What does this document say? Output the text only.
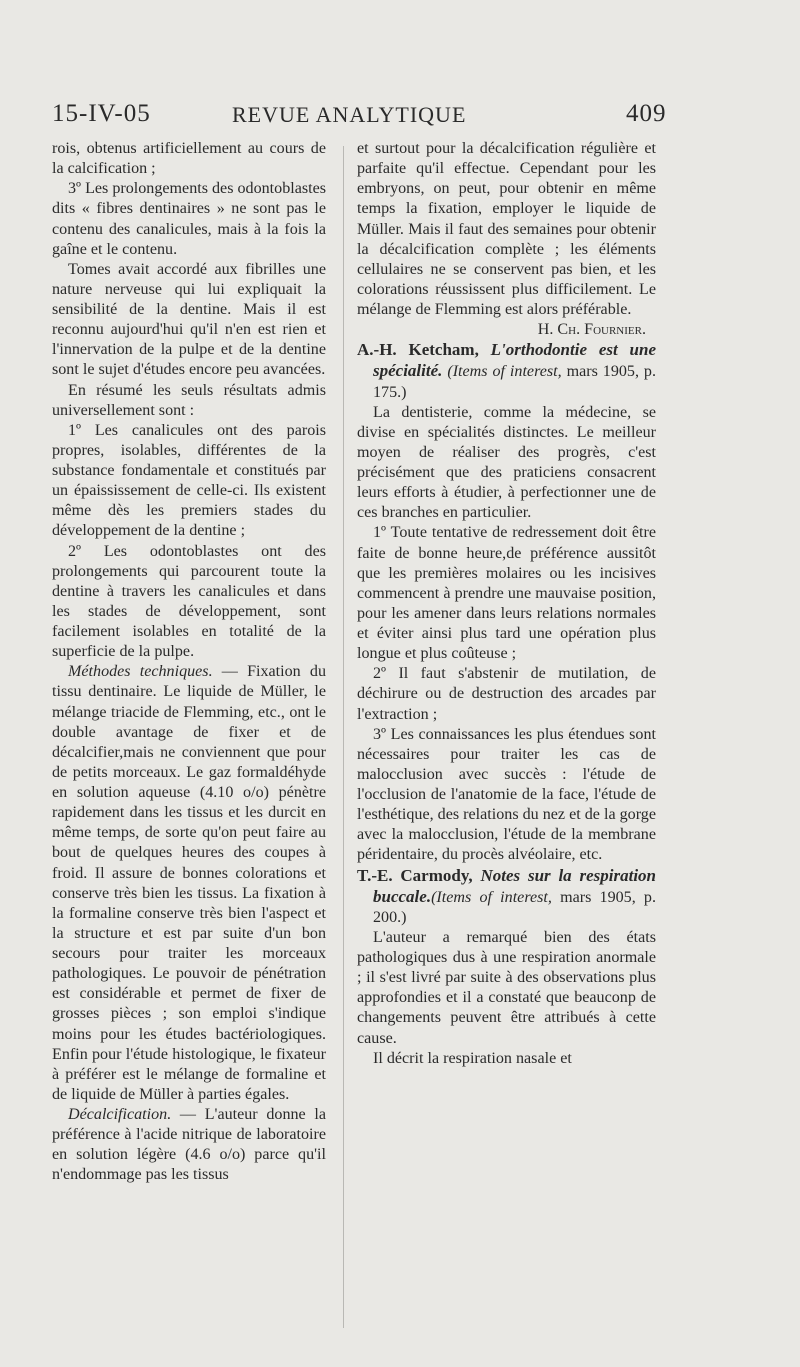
15-IV-05	REVUE ANALYTIQUE	409

rois, obtenus artificiellement au cours de la calcification ;

3º Les prolongements des odontoblastes dits « fibres dentinaires » ne sont pas le contenu des canalicules, mais à la fois la gaîne et le contenu.

Tomes avait accordé aux fibrilles une nature nerveuse qui lui expliquait la sensibilité de la dentine. Mais il est reconnu aujourd'hui qu'il n'en est rien et l'innervation de la pulpe et de la dentine sont le sujet d'études encore peu avancées.

En résumé les seuls résultats admis universellement sont :

1º Les canalicules ont des parois propres, isolables, différentes de la substance fondamentale et constitués par un épaississement de celle-ci. Ils existent même dès les premiers stades du développement de la dentine ;

2º Les odontoblastes ont des prolongements qui parcourent toute la dentine à travers les canalicules et dans les stades de développement, sont facilement isolables en totalité de la superficie de la pulpe.

Méthodes techniques. — Fixation du tissu dentinaire. Le liquide de Müller, le mélange triacide de Flemming, etc., ont le double avantage de fixer et de décalcifier,mais ne conviennent que pour de petits morceaux. Le gaz formaldéhyde en solution aqueuse (4.10 o/o) pénètre rapidement dans les tissus et les durcit en même temps, de sorte qu'on peut faire au bout de quelques heures des coupes à froid. Il assure de bonnes colorations et conserve très bien les tissus. La fixation à la formaline conserve très bien l'aspect et la structure et est par suite d'un bon secours pour traiter les morceaux pathologiques. Le pouvoir de pénétration est considérable et permet de fixer de grosses pièces ; son emploi s'indique moins pour les études bactériologiques. Enfin pour l'étude histologique, le fixateur à préférer est le mélange de formaline et de liquide de Müller à parties égales.

Décalcification. — L'auteur donne la préférence à l'acide nitrique de laboratoire en solution légère (4.6 o/o) parce qu'il n'endommage pas les tissus

et surtout pour la décalcification régulière et parfaite qu'il effectue. Cependant pour les embryons, on peut, pour obtenir en même temps la fixation, employer le liquide de Müller. Mais il faut des semaines pour obtenir la décalcification complète ; les éléments cellulaires ne se conservent pas bien, et les colorations réussissent plus difficilement. Le mélange de Flemming est alors préférable.

H. Ch. Fournier.

A.-H. Ketcham, L'orthodontie est une spécialité. (Items of interest, mars 1905, p. 175.)

La dentisterie, comme la médecine, se divise en spécialités distinctes. Le meilleur moyen de réaliser des progrès, c'est précisément que des praticiens consacrent leurs efforts à étudier, à perfectionner une de ces branches en particulier.

1º Toute tentative de redressement doit être faite de bonne heure,de préférence aussitôt que les premières molaires ou les incisives commencent à prendre une mauvaise position, pour les amener dans leurs relations normales et éviter ainsi plus tard une opération plus longue et plus coûteuse ;

2º Il faut s'abstenir de mutilation, de déchirure ou de destruction des arcades par l'extraction ;

3º Les connaissances les plus étendues sont nécessaires pour traiter les cas de malocclusion avec succès : l'étude de l'occlusion de l'anatomie de la face, l'étude de l'esthétique, des relations du nez et de la gorge avec la malocclusion, l'étude de la membrane péridentaire, du procès alvéolaire, etc.

T.-E. Carmody, Notes sur la respiration buccale.(Items of interest, mars 1905, p. 200.)

L'auteur a remarqué bien des états pathologiques dus à une respiration anormale ; il s'est livré par suite à des observations plus approfondies et il a constaté que beauconp de changements peuvent être attribués à cette cause.

Il décrit la respiration nasale et
